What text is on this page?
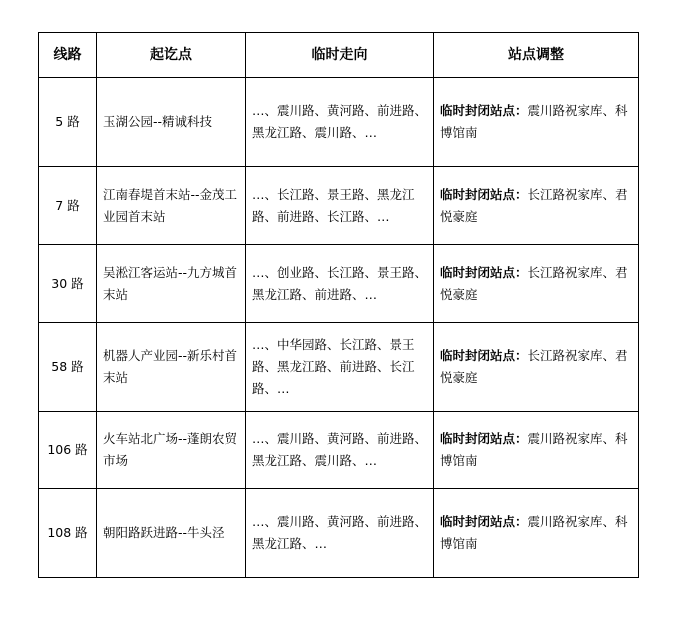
线路	起讫点	临时走向	站点调整
5 路	玉湖公园--精诚科技	…、震川路、黄河路、前进路、黑龙江路、震川路、…	临时封闭站点：震川路祝家库、科博馆南
7 路	江南春堤首末站--金茂工业园首末站	…、长江路、景王路、黑龙江路、前进路、长江路、…	临时封闭站点：长江路祝家库、君悦豪庭
30 路	吴淞江客运站--九方城首末站	…、创业路、长江路、景王路、黑龙江路、前进路、…	临时封闭站点：长江路祝家库、君悦豪庭
58 路	机器人产业园--新乐村首末站	…、中华园路、长江路、景王路、黑龙江路、前进路、长江路、…	临时封闭站点：长江路祝家库、君悦豪庭
106 路	火车站北广场--蓬朗农贸市场	…、震川路、黄河路、前进路、黑龙江路、震川路、…	临时封闭站点：震川路祝家库、科博馆南
108 路	朝阳路跃进路--牛头泾	…、震川路、黄河路、前进路、黑龙江路、…	临时封闭站点：震川路祝家库、科博馆南
